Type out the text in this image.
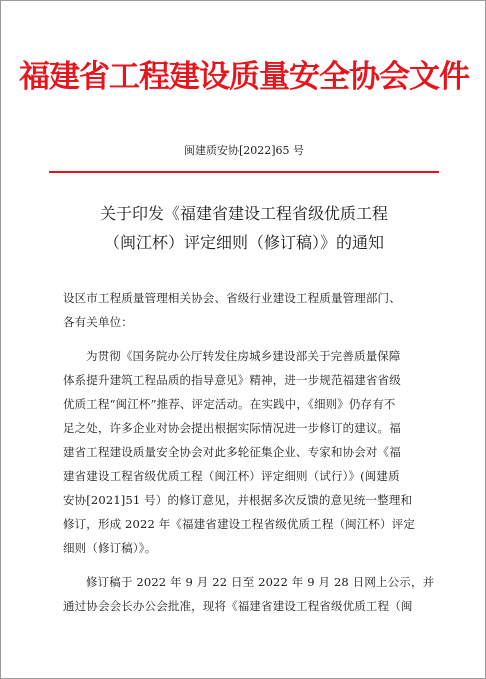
福建省工程建设质量安全协会文件
闽建质安协[2022]65 号
关于印发《福建省建设工程省级优质工程
（闽江杯）评定细则（修订稿）》的通知
设区市工程质量管理相关协会、省级行业建设工程质量管理部门、
各有关单位：
为贯彻《国务院办公厅转发住房城乡建设部关于完善质量保障
体系提升建筑工程品质的指导意见》精神，进一步规范福建省省级
优质工程“闽江杯”推荐、评定活动。在实践中，《细则》仍存有不
足之处，许多企业对协会提出根据实际情况进一步修订的建议。福
建省工程建设质量安全协会对此多轮征集企业、专家和协会对《福
建省建设工程省级优质工程（闽江杯）评定细则（试行）》(闽建质
安协[2021]51 号）的修订意见，并根据多次反馈的意见统一整理和
修订，形成 2022 年《福建省建设工程省级优质工程（闽江杯）评定
细则（修订稿）》。
修订稿于 2022 年 9 月 22 日至 2022 年 9 月 28 日网上公示，并
通过协会会长办公会批准，现将《福建省建设工程省级优质工程（闽
